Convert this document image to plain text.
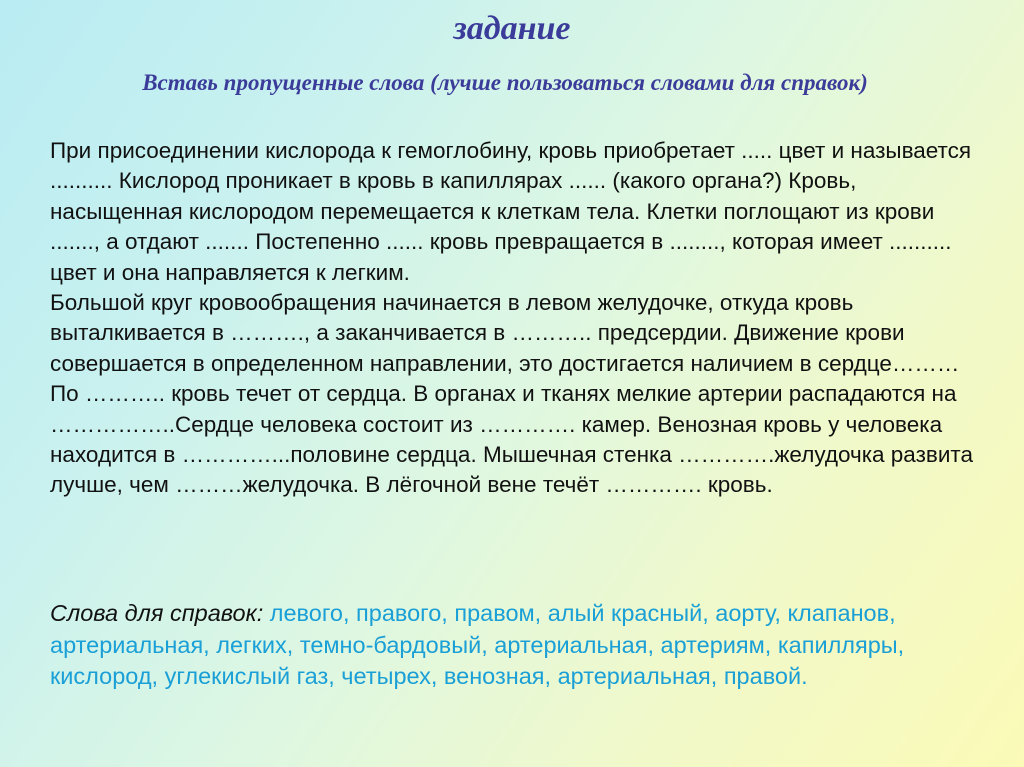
задание
Вставь пропущенные слова (лучше пользоваться словами для справок)

При присоединении кислорода к гемоглобину, кровь приобретает ..... цвет и называется .......... Кислород проникает в кровь в капиллярах ...... (какого органа?) Кровь, насыщенная кислородом перемещается к клеткам тела. Клетки поглощают из крови ......., а отдают ....... Постепенно ...... кровь превращается в ........, которая имеет .......... цвет и она направляется к легким.

Большой круг кровообращения начинается в левом желудочке, откуда кровь выталкивается в ………., а заканчивается в ……….. предсердии. Движение крови совершается в определенном направлении, это достигается наличием в сердце………По ……….. кровь течет от сердца. В органах и тканях мелкие артерии распадаются на ……………..Сердце человека состоит из …………. камер. Венозная кровь у человека находится в …………...половине сердца. Мышечная стенка ………….желудочка развита лучше, чем ………желудочка. В лёгочной вене течёт …………. кровь.

Слова для справок: левого, правого, правом, алый красный, аорту, клапанов, артериальная, легких, темно-бардовый, артериальная, артериям, капилляры, кислород, углекислый газ, четырех, венозная, артериальная, правой.
